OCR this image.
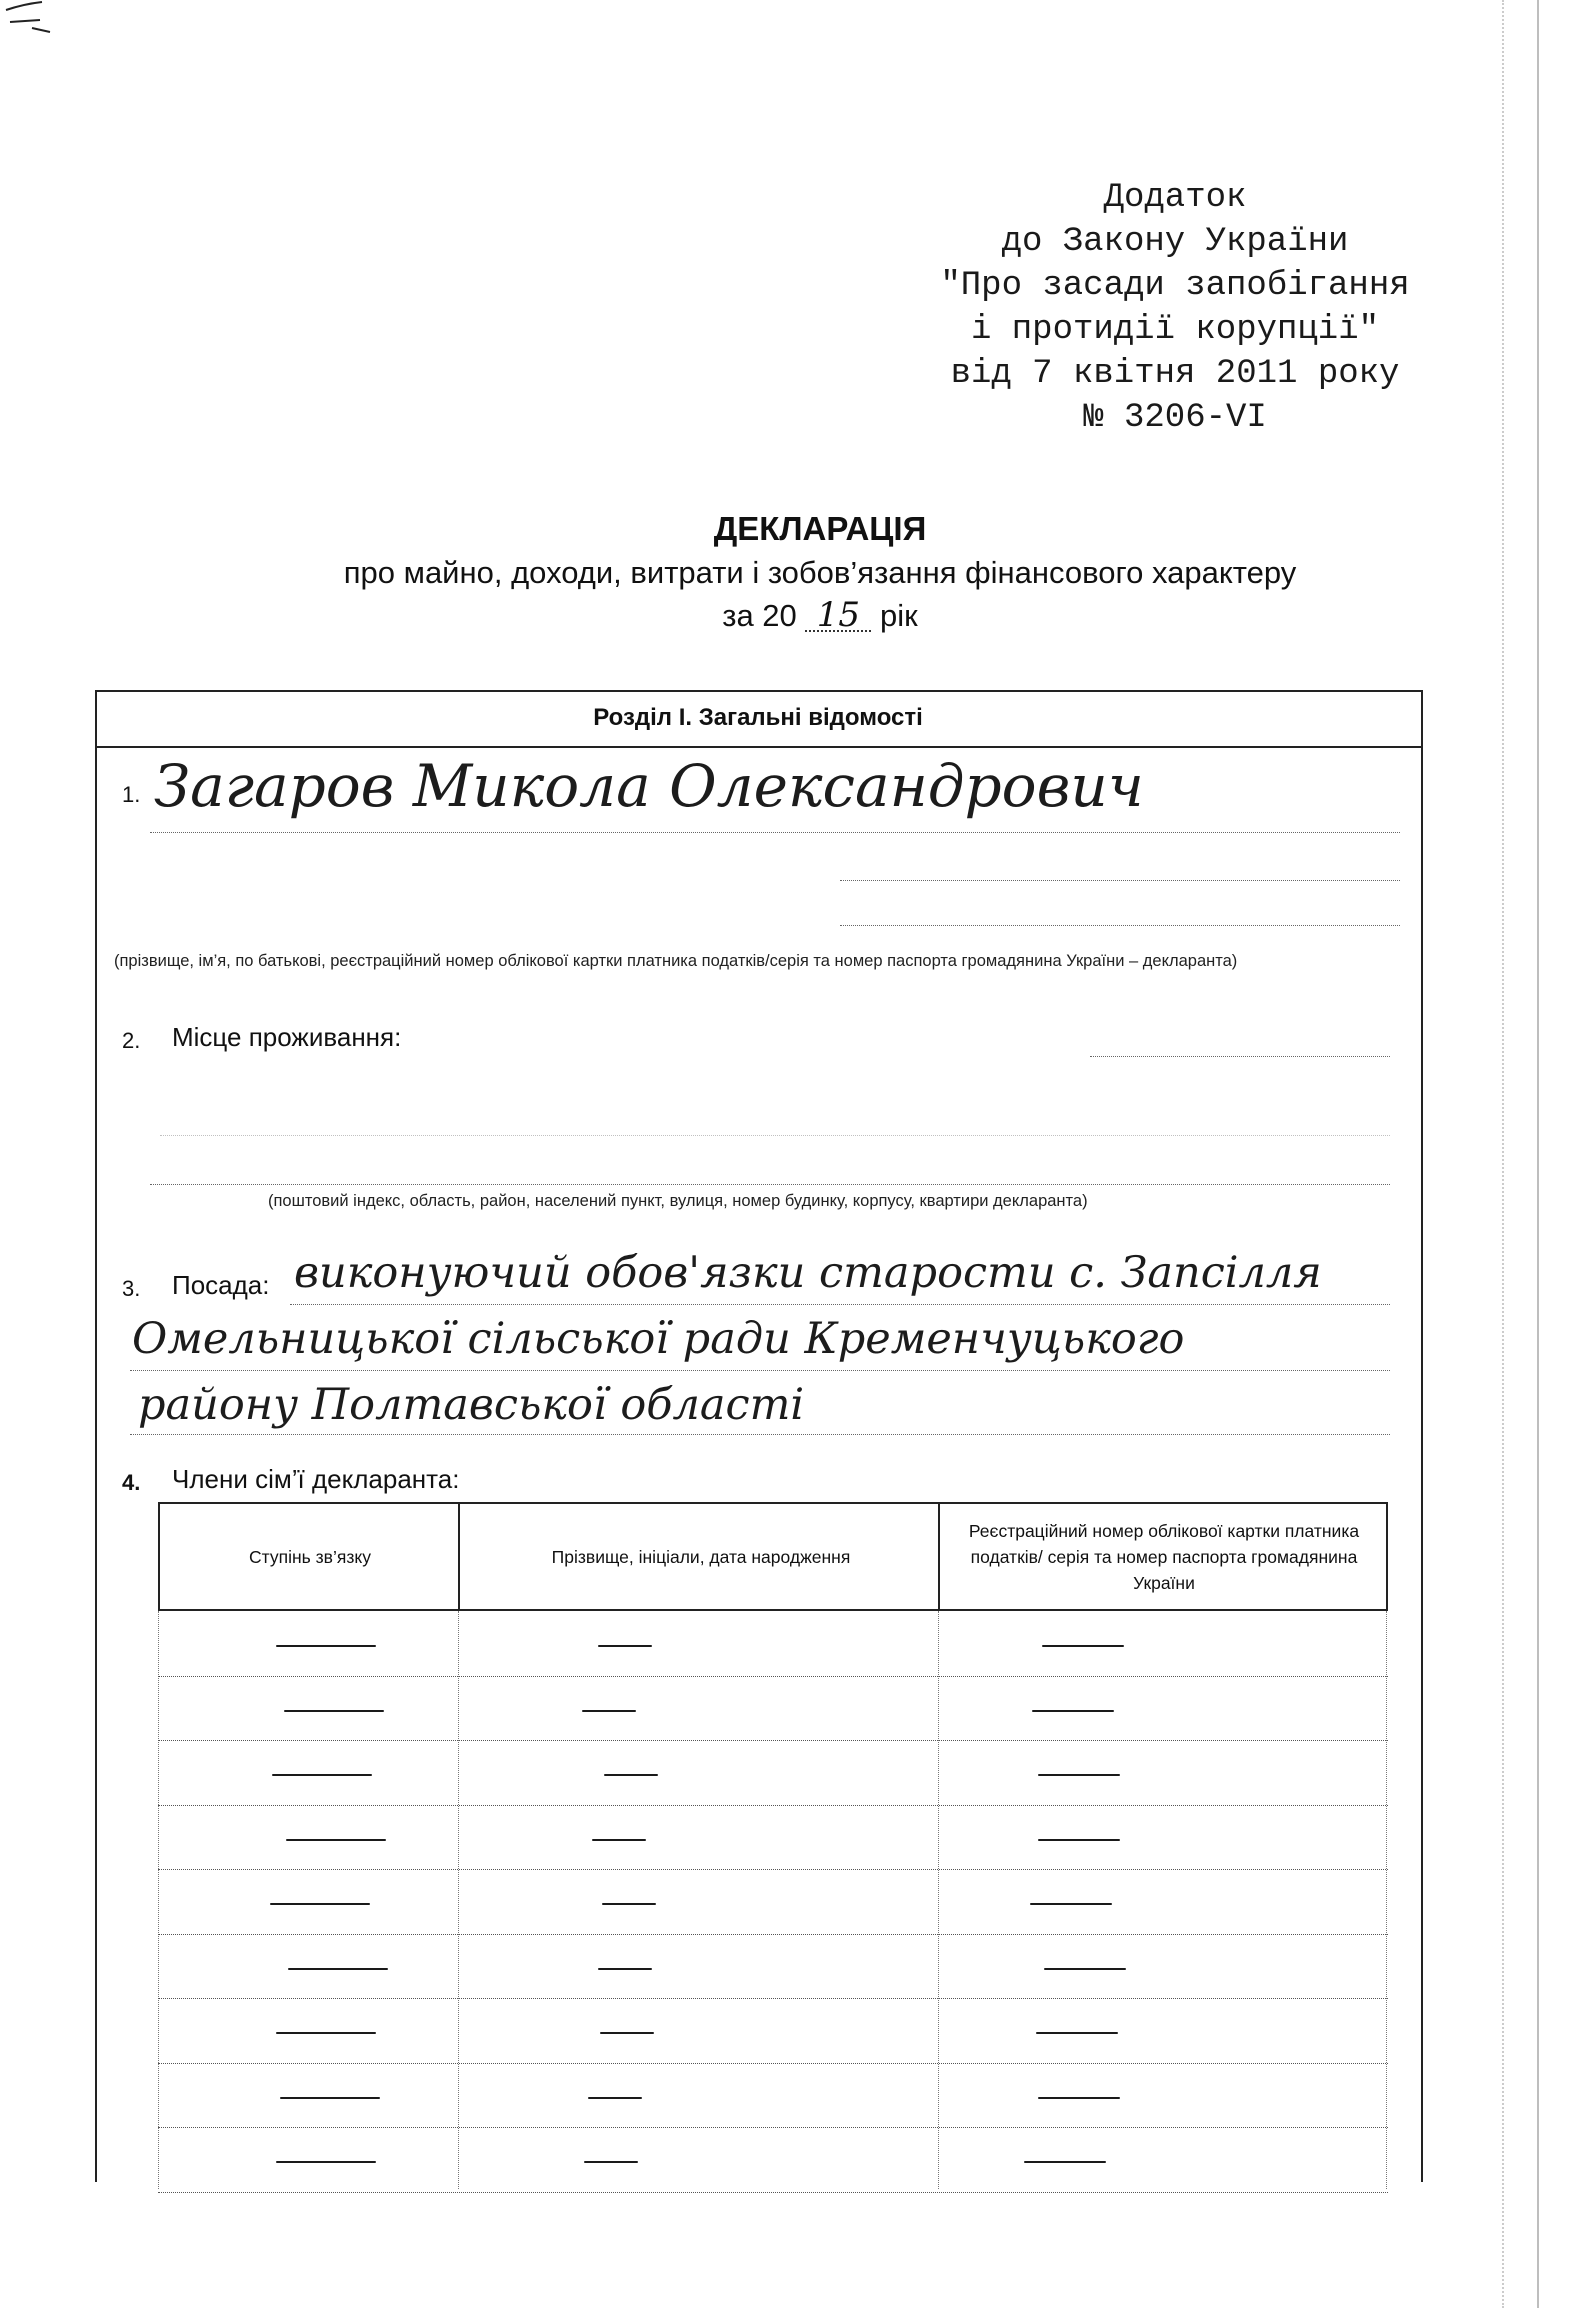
Додаток
до Закону України
"Про засади запобігання
і протидії корупції"
від 7 квітня 2011 року
№ 3206-VI
ДЕКЛАРАЦІЯ
про майно, доходи, витрати і зобов’язання фінансового характеру
за 20 15 рік
Розділ І. Загальні відомості
1. Загаров Микола Олександрович
(прізвище, ім’я, по батькові, реєстраційний номер облікової картки платника податків/серія та номер паспорта громадянина України – декларанта)
2. Місце проживання:
(поштовий індекс, область, район, населений пункт, вулиця, номер будинку, корпусу, квартири декларанта)
3. Посада: виконуючий обов'язки старости с. Запсілля
Омельницької сільської ради Кременчуцького
району Полтавської області
4. Члени сім’ї декларанта:
Ступінь зв’язку	Прізвище, ініціали, дата народження
Реєстраційний номер облікової картки платника податків/ серія та номер паспорта громадянина України
